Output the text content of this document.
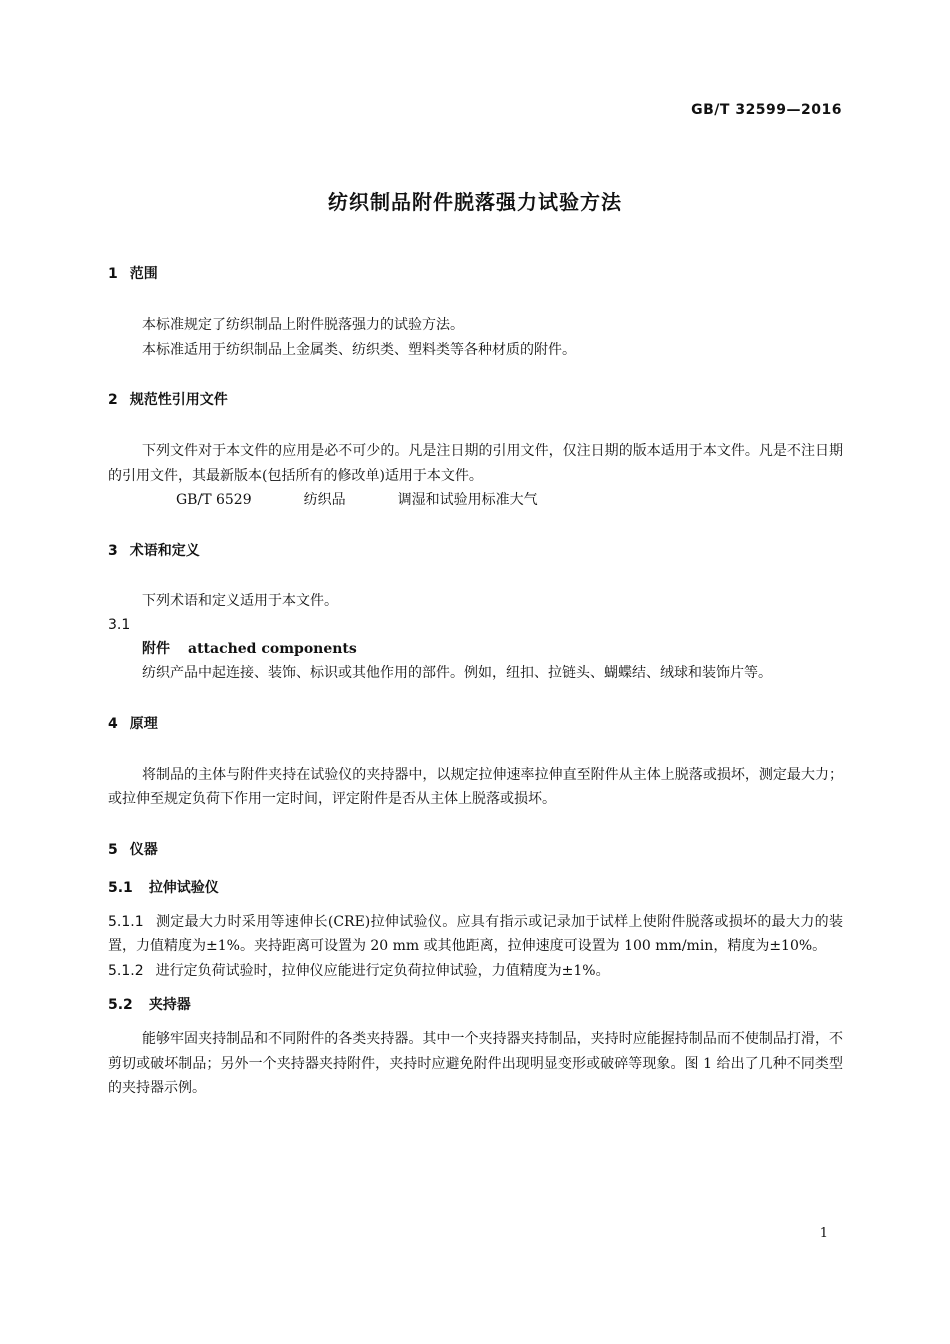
GB/T 32599—2016
纺织制品附件脱落强力试验方法
1 范围

本标准规定了纺织制品上附件脱落强力的试验方法。

本标准适用于纺织制品上金属类、纺织类、塑料类等各种材质的附件。

2 规范性引用文件

下列文件对于本文件的应用是必不可少的。凡是注日期的引用文件，仅注日期的版本适用于本文件。凡是不注日期的引用文件，其最新版本(包括所有的修改单)适用于本文件。

GB/T 6529	纺织品	调湿和试验用标准大气

3 术语和定义

下列术语和定义适用于本文件。

3.1
附件 attached components

纺织产品中起连接、装饰、标识或其他作用的部件。例如，纽扣、拉链头、蝴蝶结、绒球和装饰片等。

4 原理

将制品的主体与附件夹持在试验仪的夹持器中，以规定拉伸速率拉伸直至附件从主体上脱落或损坏，测定最大力；或拉伸至规定负荷下作用一定时间，评定附件是否从主体上脱落或损坏。

5 仪器
5.1 拉伸试验仪

5.1.1 测定最大力时采用等速伸长(CRE)拉伸试验仪。应具有指示或记录加于试样上使附件脱落或损坏的最大力的装置，力值精度为±1%。夹持距离可设置为 20 mm 或其他距离，拉伸速度可设置为 100 mm/min，精度为±10%。

5.1.2 进行定负荷试验时，拉伸仪应能进行定负荷拉伸试验，力值精度为±1%。

5.2 夹持器

能够牢固夹持制品和不同附件的各类夹持器。其中一个夹持器夹持制品，夹持时应能握持制品而不使制品打滑，不剪切或破坏制品；另外一个夹持器夹持附件，夹持时应避免附件出现明显变形或破碎等现象。图 1 给出了几种不同类型的夹持器示例。

1
